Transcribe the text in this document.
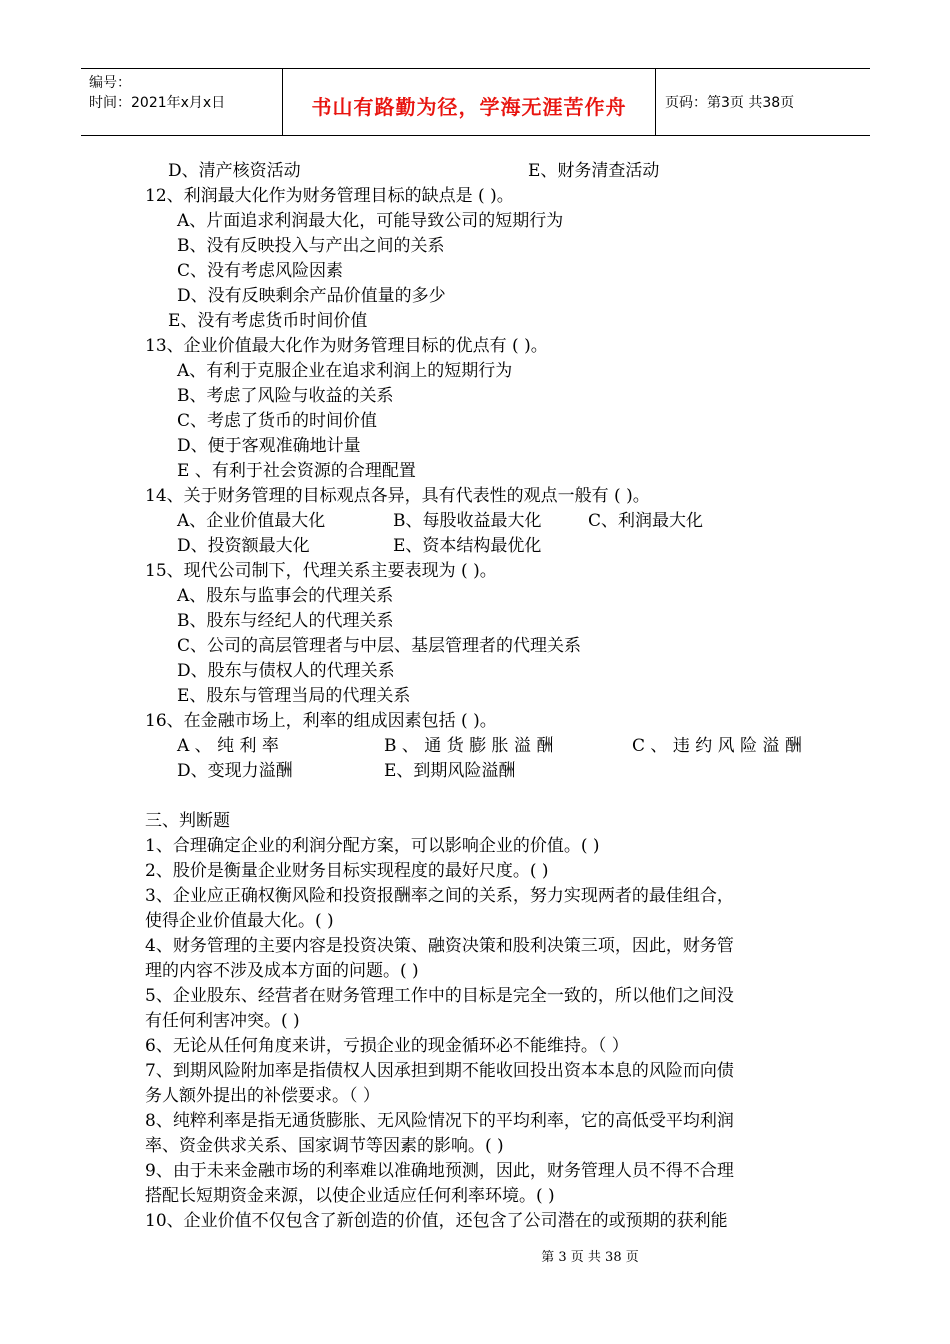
编号：
时间：2021年x月x日	书山有路勤为径，学海无涯苦作舟	页码：第3页 共38页
D、清产核资活动	E、财务清查活动
12、利润最大化作为财务管理目标的缺点是 ( )。
A、片面追求利润最大化，可能导致公司的短期行为
B、没有反映投入与产出之间的关系
C、没有考虑风险因素
D、没有反映剩余产品价值量的多少
E、没有考虑货币时间价值
13、企业价值最大化作为财务管理目标的优点有 ( )。
A、有利于克服企业在追求利润上的短期行为
B、考虑了风险与收益的关系
C、考虑了货币的时间价值
D、便于客观准确地计量
E 、有利于社会资源的合理配置
14、关于财务管理的目标观点各异，具有代表性的观点一般有 ( )。
A、企业价值最大化	B、每股收益最大化	C、利润最大化
D、投资额最大化	E、资本结构最优化
15、现代公司制下，代理关系主要表现为 ( )。
A、股东与监事会的代理关系
B、股东与经纪人的代理关系
C、公司的高层管理者与中层、基层管理者的代理关系
D、股东与债权人的代理关系
E、股东与管理当局的代理关系
16、在金融市场上，利率的组成因素包括 ( )。
A 、 纯 利 率	B 、 通 货 膨 胀 溢 酬	C 、 违 约 风 险 溢 酬
D、变现力溢酬	E、到期风险溢酬
三、判断题
1、合理确定企业的利润分配方案，可以影响企业的价值。( )
2、股价是衡量企业财务目标实现程度的最好尺度。( )
3、企业应正确权衡风险和投资报酬率之间的关系，努力实现两者的最佳组合，
使得企业价值最大化。( )
4、财务管理的主要内容是投资决策、融资决策和股利决策三项，因此，财务管
理的内容不涉及成本方面的问题。( )
5、企业股东、经营者在财务管理工作中的目标是完全一致的，所以他们之间没
有任何利害冲突。( )
6、无论从任何角度来讲，亏损企业的现金循环必不能维持。（ ）
7、到期风险附加率是指债权人因承担到期不能收回投出资本本息的风险而向债
务人额外提出的补偿要求。（ ）
8、纯粹利率是指无通货膨胀、无风险情况下的平均利率，它的高低受平均利润
率、资金供求关系、国家调节等因素的影响。( )
9、由于未来金融市场的利率难以准确地预测，因此，财务管理人员不得不合理
搭配长短期资金来源，以使企业适应任何利率环境。( )
10、企业价值不仅包含了新创造的价值，还包含了公司潜在的或预期的获利能
第 3 页 共 38 页
